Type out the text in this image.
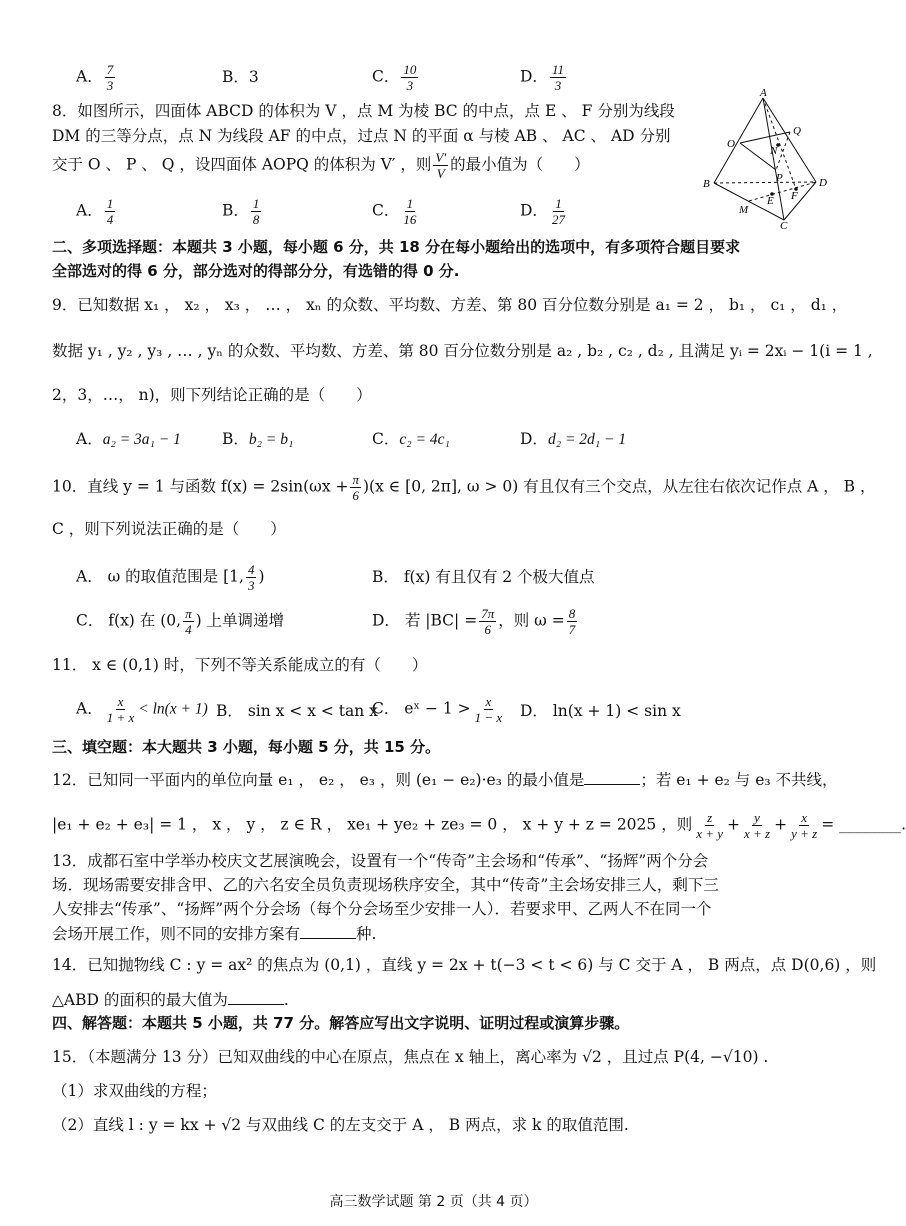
A． $\frac{7}{3}$	B．3	C． $\frac{10}{3}$	D． $\frac{11}{3}$
8．如图所示，四面体 ABCD 的体积为 V ，点 M 为棱 BC 的中点，点 E 、 F 分别为线段
DM 的三等分点，点 N 为线段 AF 的中点，过点 N 的平面 α 与棱 AB 、 AC 、 AD 分别
交于 O 、 P 、 Q ，设四面体 AOPQ 的体积为 V′ ，则 $\frac{V'}{V}$ 的最小值为（　　）
A
B
C
D
M
E F
N
O
P
Q
A． $\frac{1}{4}$	B． $\frac{1}{8}$	C． $\frac{1}{16}$	D． $\frac{1}{27}$
二、多项选择题：本题共 3 小题，每小题 6 分，共 18 分在每小题给出的选项中，有多项符合题目要求
全部选对的得 6 分，部分选对的得部分分，有选错的得 0 分.
9．已知数据 x₁ ， x₂ ， x₃ ， … ， xₙ 的众数、平均数、方差、第 80 百分位数分别是 a₁ = 2 ， b₁ ， c₁ ， d₁ ，
数据 y₁ , y₂ , y₃ , … , yₙ 的众数、平均数、方差、第 80 百分位数分别是 a₂ , b₂ , c₂ , d₂ , 且满足 yᵢ = 2xᵢ − 1(i = 1 ,
2，3，…， n)，则下列结论正确的是（　　）
A．a₂ = 3a₁ − 1	B．b₂ = b₁	C．c₂ = 4c₁	D．d₂ = 2d₁ − 1
10．直线 y = 1 与函数 $f(x) = 2\sin(\omega x + \frac{\pi}{6} )(x$ ∈ [0, 2π], ω > 0) 有且仅有三个交点，从左往右依次记作点 A ， B ，
C ，则下列说法正确的是（　　）
A． ω 的取值范围是 [1, $\frac{4}{3}$ )	B． f(x) 有且仅有 2 个极大值点
C． f(x) 在 (0, $\frac{\pi}{4}$ ) 上单调递增	D． 若 $|BC| = \frac{7\pi}{6}$ ，则 $\omega = \frac{8}{7}$
11． x ∈ (0,1) 时，下列不等关系能成立的有（　　）
A． $\frac{x}{1 + x} < \ln(x + 1)$ B． sin x < x < tan x
C． eˣ − $1 > \frac{x}{1 - x}$ D． ln(x + 1) < sin x
三、填空题：本大题共 3 小题，每小题 5 分，共 15 分。
12．已知同一平面内的单位向量 e₁ ， e₂ ， e₃ ，则 (e₁ − e₂)·e₃ 的最小值是	；若 e₁ + e₂ 与 e₃ 不共线，
|e₁ + e₂ + e₃| = 1 ， x ， y ， z ∈ R ， xe₁ + ye₂ + ze₃ = 0 ， x + y + z = 2025 ，则 $\frac{z}{x + y} + \frac{y}{x + z} + \frac{x}{y + z}$ = ________.
13．成都石室中学举办校庆文艺展演晚会，设置有一个“传奇”主会场和“传承”、“扬辉”两个分会
场．现场需要安排含甲、乙的六名安全员负责现场秩序安全，其中“传奇”主会场安排三人，剩下三
人安排去“传承”、“扬辉”两个分会场（每个分会场至少安排一人）．若要求甲、乙两人不在同一个
会场开展工作，则不同的安排方案有	种.
14．已知抛物线 C : y = ax² 的焦点为 (0,1) ，直线 y = 2x + t(−3 < t < 6) 与 C 交于 A ， B 两点，点 D(0,6) ，则
△ABD 的面积的最大值为	.
四、解答题：本题共 5 小题，共 77 分。解答应写出文字说明、证明过程或演算步骤。
15．（本题满分 13 分）已知双曲线的中心在原点，焦点在 x 轴上，离心率为 √2 ，且过点 P(4, −√10) .
（1）求双曲线的方程；
（2）直线 l : y = kx + √2 与双曲线 C 的左支交于 A ， B 两点，求 k 的取值范围.
高三数学试题 第 2 页（共 4 页）
